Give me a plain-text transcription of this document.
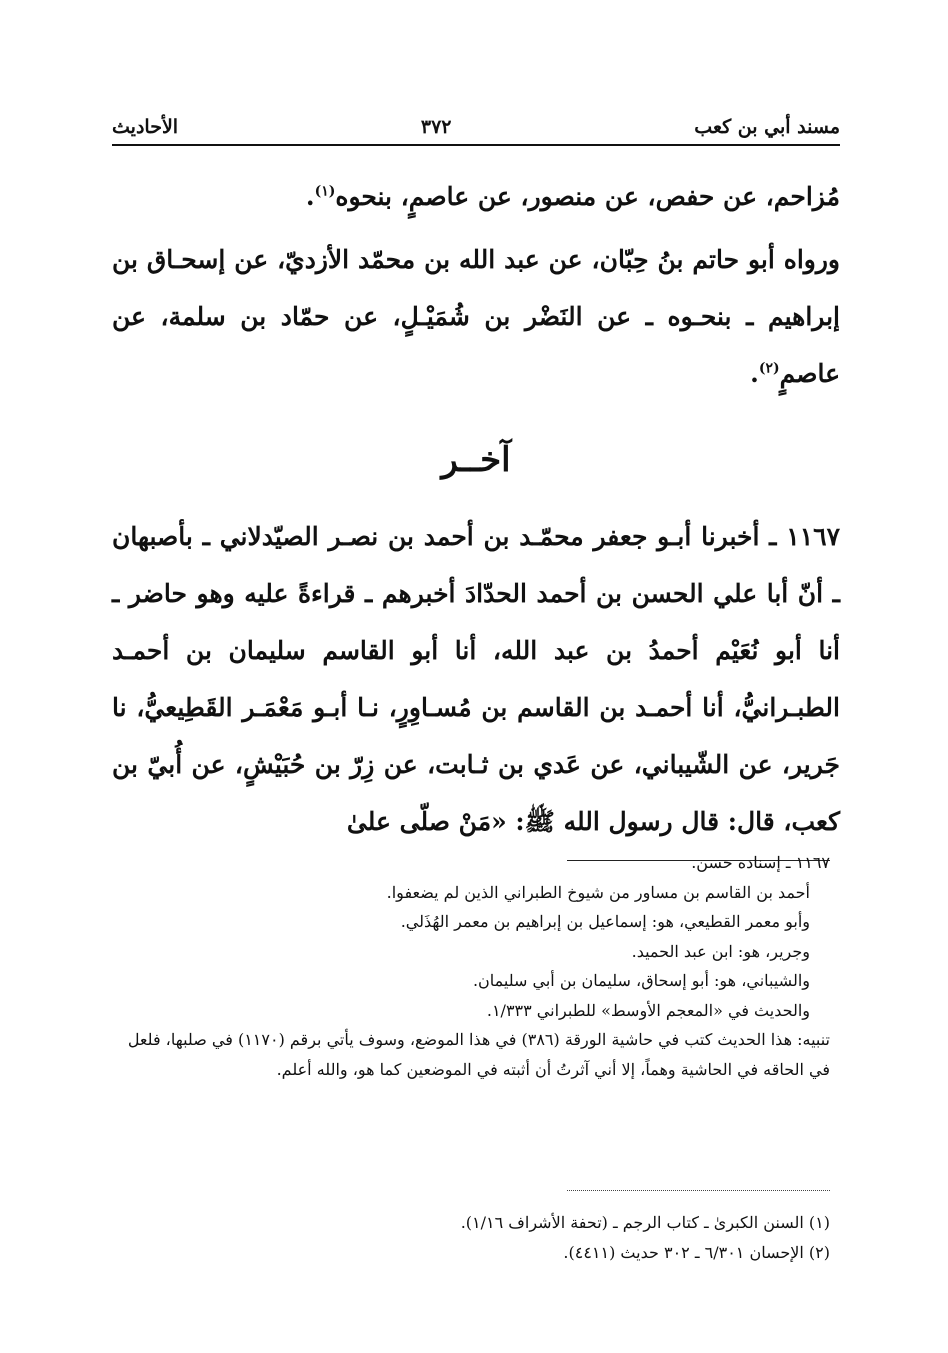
مسند أبي بن كعب
٣٧٢
الأحاديث

مُزاحم، عن حفص، عن منصور، عن عاصمٍ، بنحوه$^{(١)}$.

ورواه أبو حاتم بنُ حِبّان، عن عبد الله بن محمّد الأزديّ، عن إسحـاق بن إبراهيم ـ بنحـوه ـ عن النَضْر بن شُمَيْـلٍ، عن حمّاد بن سلمة، عن عاصمٍ$^{(٢)}$.

آخــر

١١٦٧ ـ أخبرنا أبـو جعفر محمّـد بن أحمد بن نصـر الصيّدلاني ـ بأصبهان ـ أنّ أبا علي الحسن بن أحمد الحدّادَ أخبرهم ـ قراءةً عليه وهو حاضر ـ أنا أبو نُعَيْم أحمدُ بن عبد الله، أنا أبو القاسم سليمان بن أحمـد الطبـرانيُّ، أنا أحمـد بن القاسم بن مُسـاوِرٍ، نـا أبـو مَعْمَـر القَطِيعيُّ، نا جَرير، عن الشّيباني، عن عَدي بن ثـابت، عن زِرّ بن حُبَيْشٍ، عن أُبيّ بن كعب، قال: قال رسول الله ﷺ: «مَنْ صلّى علىٰ

١١٦٧ ـ إسناده حسن.

أحمد بن القاسم بن مساور من شيوخ الطبراني الذين لم يضعفوا.

وأبو معمر القطيعي، هو: إسماعيل بن إبراهيم بن معمر الهُذَلي.

وجرير، هو: ابن عبد الحميد.

والشيباني، هو: أبو إسحاق، سليمان بن أبي سليمان.

والحديث في «المعجم الأوسط» للطبراني ١/٣٣٣.

تنبيه: هذا الحديث كتب في حاشية الورقة (٣٨٦) في هذا الموضع، وسوف يأتي برقم (١١٧٠) في صلبها، فلعل في الحاقه في الحاشية وهماً، إلا أني آثرتُ أن أثبته في الموضعين كما هو، والله أعلم.

(١) السنن الكبرىٰ ـ كتاب الرجم ـ (تحفة الأشراف ١/١٦).

(٢) الإحسان ٦/٣٠١ ـ ٣٠٢ حديث (٤٤١١).
